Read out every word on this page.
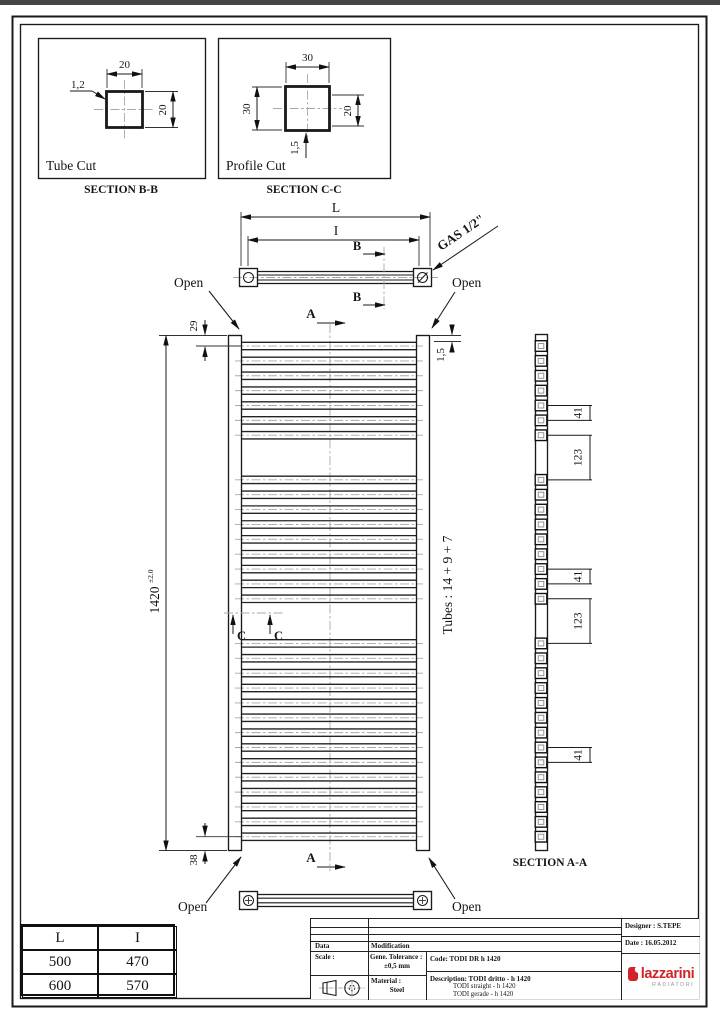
20
20
1,2
Tube Cut
SECTION B-B
30
30	20
1,5
Profile Cut
SECTION C-C
L
I
B
B
GAS 1/2"
Open	Open
1420
±2.0
29
38
1,5
A
A
C C
Tubes : 14 + 9 + 7
Open	Open
41
123
41
123
41
SECTION A-A
L	I
500	470
600	570
Data	Modification
Scale :	Gene. Tolerance :
±0,5 mm
Code: TODI DR h 1420
Material :
Steel
Description: TODI dritto - h 1420
TODI straight - h 1420
TODI gerade - h 1420
Designer : S.TEPE
Date : 16.05.2012
lazzarini
RADIATORI
